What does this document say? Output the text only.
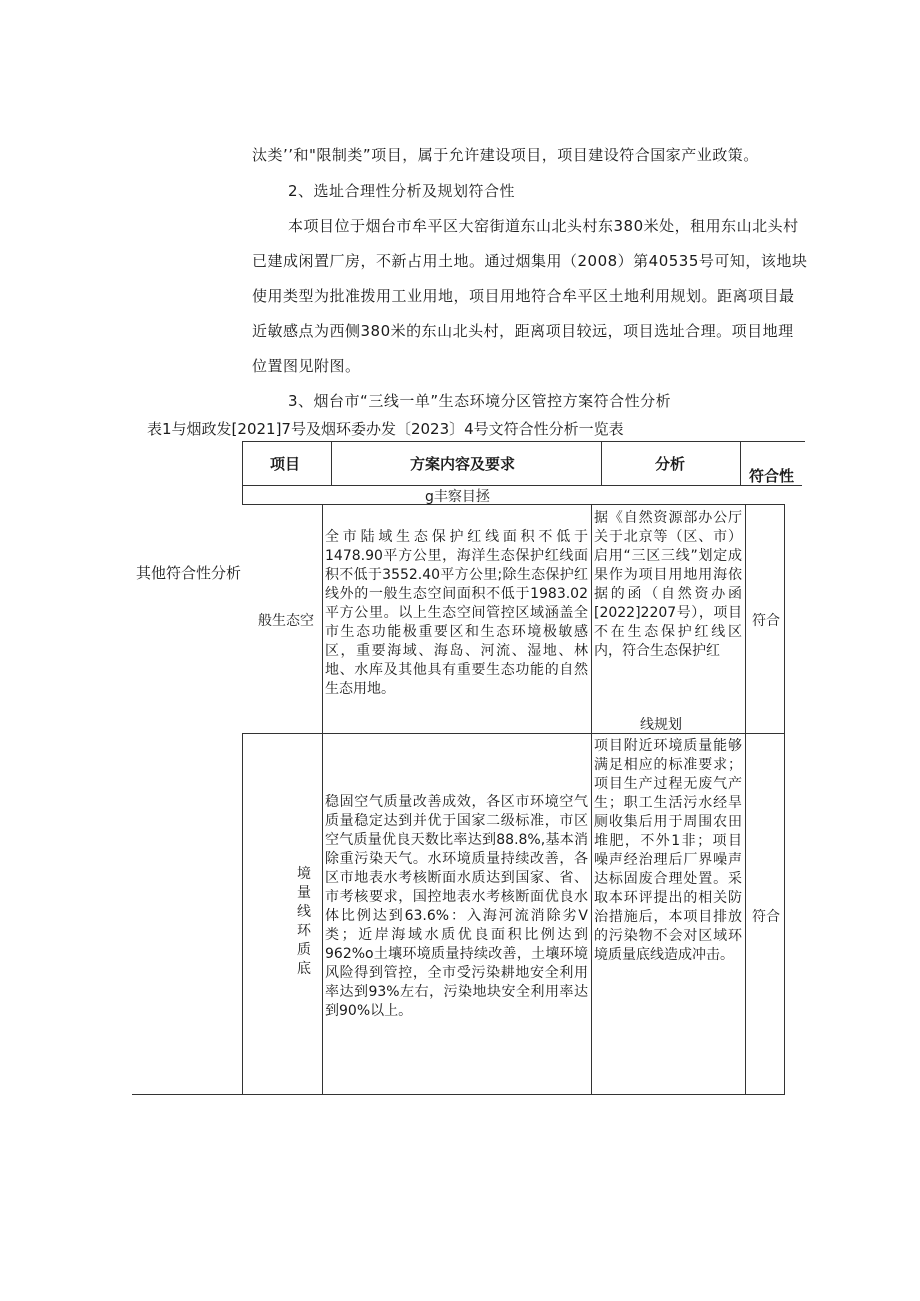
汰类’’和"限制类”项目，属于允许建设项目，项目建设符合国家产业政策。
2、选址合理性分析及规划符合性
本项目位于烟台市牟平区大窑街道东山北头村东380米处，租用东山北头村
已建成闲置厂房，不新占用土地。通过烟集用（2008）第40535号可知，该地块
使用类型为批准拨用工业用地，项目用地符合牟平区土地利用规划。距离项目最
近敏感点为西侧380米的东山北头村，距离项目较远，项目选址合理。项目地理
位置图见附图。
3、烟台市“三线一单”生态环境分区管控方案符合性分析
表1与烟政发[2021]7号及烟环委办发〔2023〕4号文符合性分析一览表
项目	方案内容及要求	分析
符合性
g丰察目拯
其他符合性分析
般生态空
全市陆域生态保护红线面积不低于1478.90平方公里，海洋生态保护红线面积不低于3552.40平方公里;除生态保护红线外的一般生态空间面积不低于1983.02平方公里。以上生态空间管控区域涵盖全市生态功能极重要区和生态环境极敏感区，重要海域、海岛、河流、湿地、林地、水库及其他具有重要生态功能的自然生态用地。
据《自然资源部办公厅关于北京等（区、市）启用“三区三线”划定成果作为项目用地用海依据的函（自然资办函[2022]2207号），项目不在生态保护红线区内，符合生态保护红
线规划
符合
境量线环质底
稳固空气质量改善成效，各区市环境空气质量稳定达到并优于国家二级标准，市区空气质量优良天数比率达到88.8%,基本消除重污染天气。水环境质量持续改善，各区市地表水考核断面水质达到国家、省、市考核要求，国控地表水考核断面优良水体比例达到63.6%：入海河流消除劣V类；近岸海域水质优良面积比例达到962%o土壤环境质量持续改善，土壤环境风险得到管控，全市受污染耕地安全利用率达到93%左右，污染地块安全利用率达到90%以上。
项目附近环境质量能够满足相应的标准要求；项目生产过程无废气产生；职工生活污水经旱厕收集后用于周围农田堆肥，不外1非；项目噪声经治理后厂界噪声达标固废合理处置。采取本环评提出的相关防治措施后，本项目排放的污染物不会对区域环境质量底线造成冲击。
符合
